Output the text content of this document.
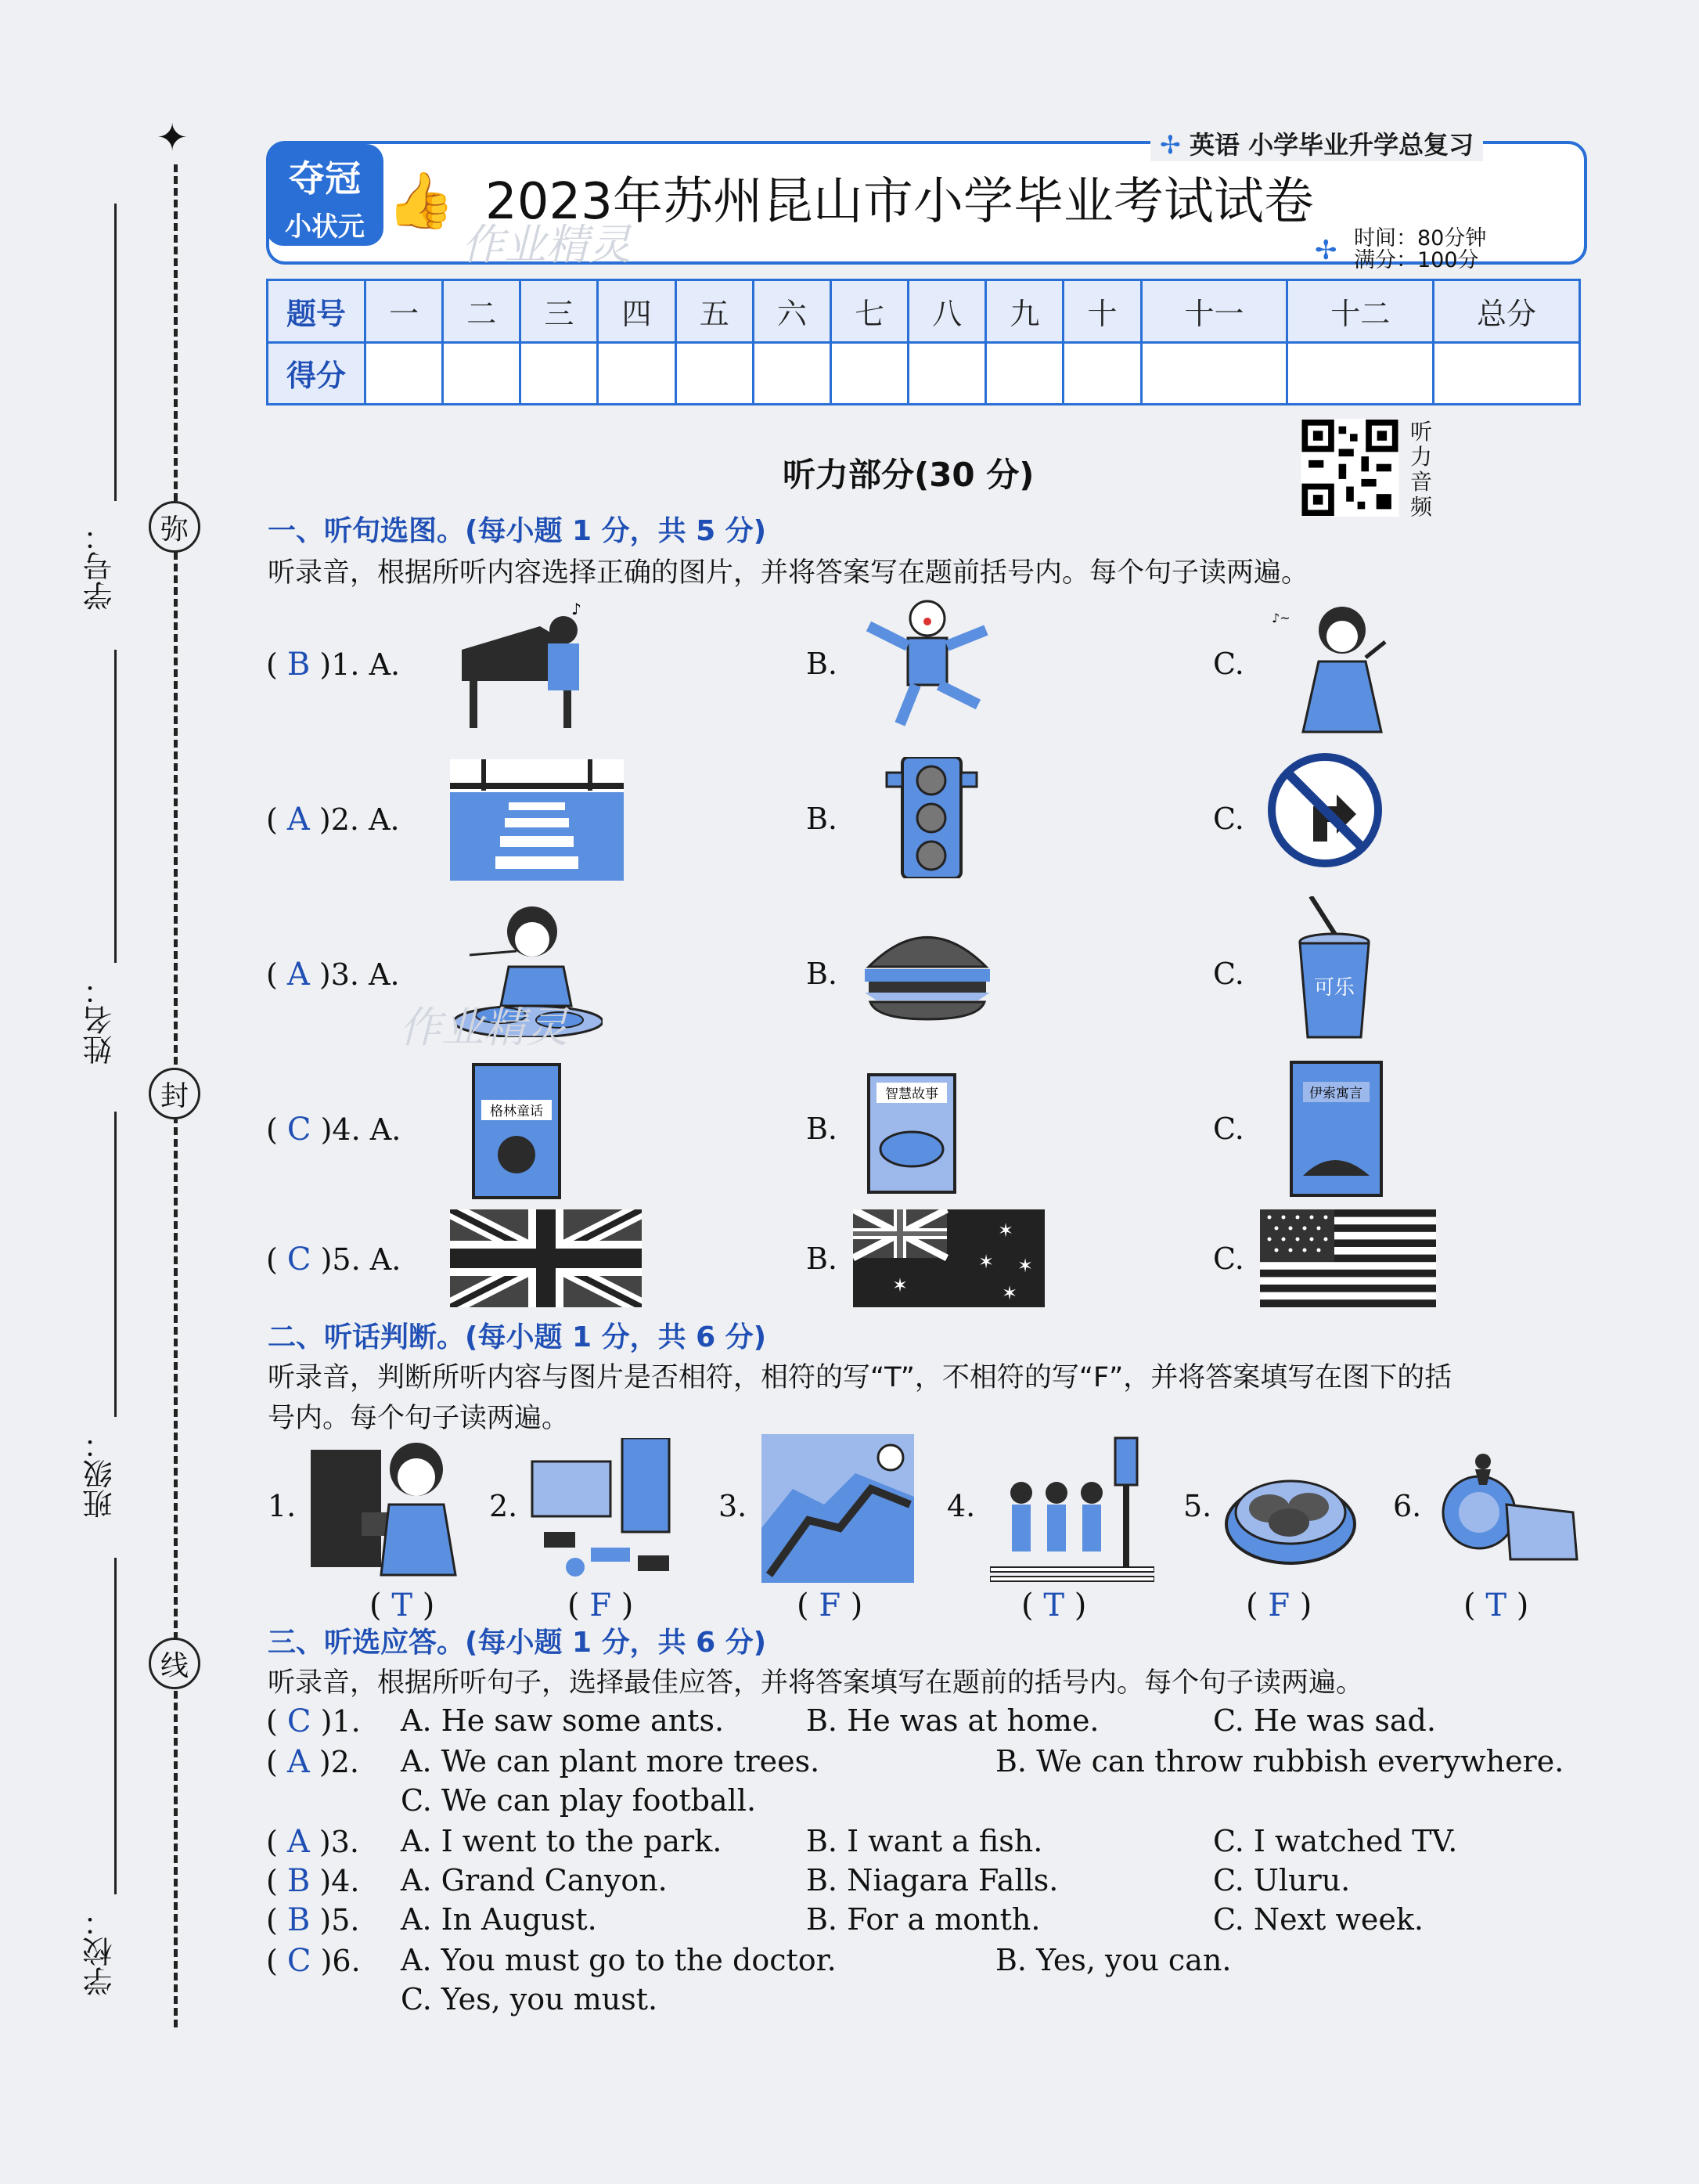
✦
弥
封
线
学号：
姓名：
班级：
学校：
✢ 英语 小学毕业升学总复习
夺冠
小状元 👍 2023年苏州昆山市小学毕业考试试卷
作业精灵	时间：80分钟
满分：100分
✢
题号	一	二	三	四	五	六	七	八	九	十	十一	十二	总分
得分													
听力部分(30 分)
听力音频
一、听句选图。(每小题 1 分，共 5 分)
听录音，根据所听内容选择正确的图片，并将答案写在题前括号内。每个句子读两遍。
( B )1. A.	B.	C.
♪	♪~
( A )2. A.	B.	C.
( A )3. A.	B.	C.
作业精灵
可乐
( C )4. A.	B.	C.
格林童话
智慧故事	伊索寓言
( C )5. A.	B.	C.
✶
✶
✶ ✶
✶
二、听话判断。(每小题 1 分，共 6 分)
听录音，判断所听内容与图片是否相符，相符的写“T”，不相符的写“F”，并将答案填写在图下的括
号内。每个句子读两遍。
1.
( T )
2.
( F )
3.
( F )
4.
( T )
5.
( F )
6.
( T )
三、听选应答。(每小题 1 分，共 6 分)
听录音，根据所听句子，选择最佳应答，并将答案填写在题前的括号内。每个句子读两遍。
( C )1. A. He saw some ants.	B. He was at home.	C. He was sad.
( A )2. A. We can plant more trees.	B. We can throw rubbish everywhere.
C. We can play football.
( A )3. A. I went to the park.	B. I want a fish.	C. I watched TV.
( B )4. A. Grand Canyon.	B. Niagara Falls.	C. Uluru.
( B )5. A. In August.	B. For a month.	C. Next week.
( C )6. A. You must go to the doctor.	B. Yes, you can.
C. Yes, you must.
